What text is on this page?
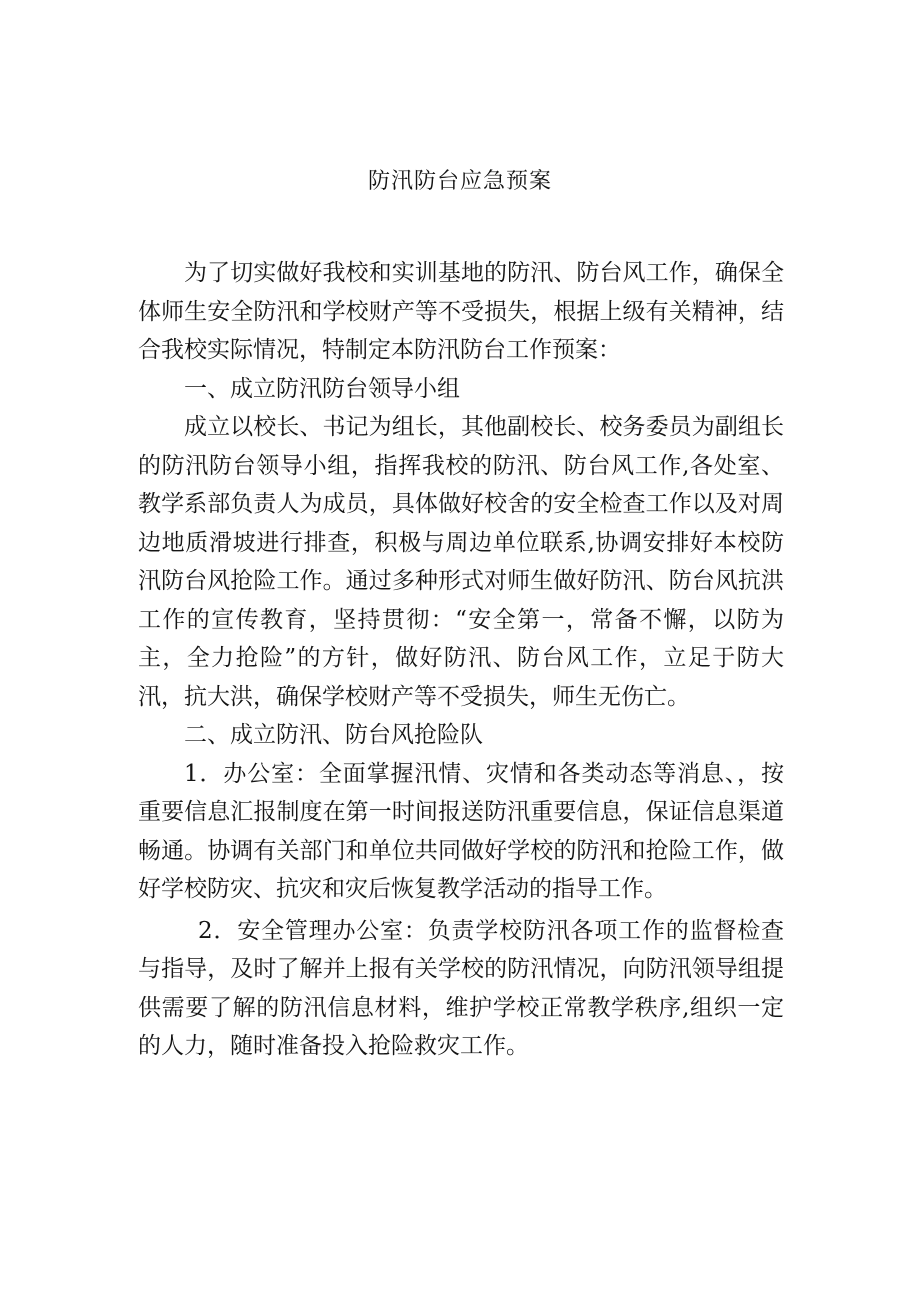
防汛防台应急预案

为了切实做好我校和实训基地的防汛、防台风工作，确保全体师生安全防汛和学校财产等不受损失，根据上级有关精神，结合我校实际情况，特制定本防汛防台工作预案：

一、成立防汛防台领导小组

成立以校长、书记为组长，其他副校长、校务委员为副组长的防汛防台领导小组，指挥我校的防汛、防台风工作,各处室、教学系部负责人为成员，具体做好校舍的安全检查工作以及对周边地质滑坡进行排查，积极与周边单位联系,协调安排好本校防汛防台风抢险工作。通过多种形式对师生做好防汛、防台风抗洪工作的宣传教育，坚持贯彻：“安全第一，常备不懈，以防为主，全力抢险”的方针，做好防汛、防台风工作，立足于防大汛，抗大洪，确保学校财产等不受损失，师生无伤亡。

二、成立防汛、防台风抢险队

1．办公室：全面掌握汛情、灾情和各类动态等消息、，按重要信息汇报制度在第一时间报送防汛重要信息，保证信息渠道畅通。协调有关部门和单位共同做好学校的防汛和抢险工作，做好学校防灾、抗灾和灾后恢复教学活动的指导工作。

2．安全管理办公室：负责学校防汛各项工作的监督检查与指导，及时了解并上报有关学校的防汛情况，向防汛领导组提供需要了解的防汛信息材料，维护学校正常教学秩序,组织一定的人力，随时准备投入抢险救灾工作。
